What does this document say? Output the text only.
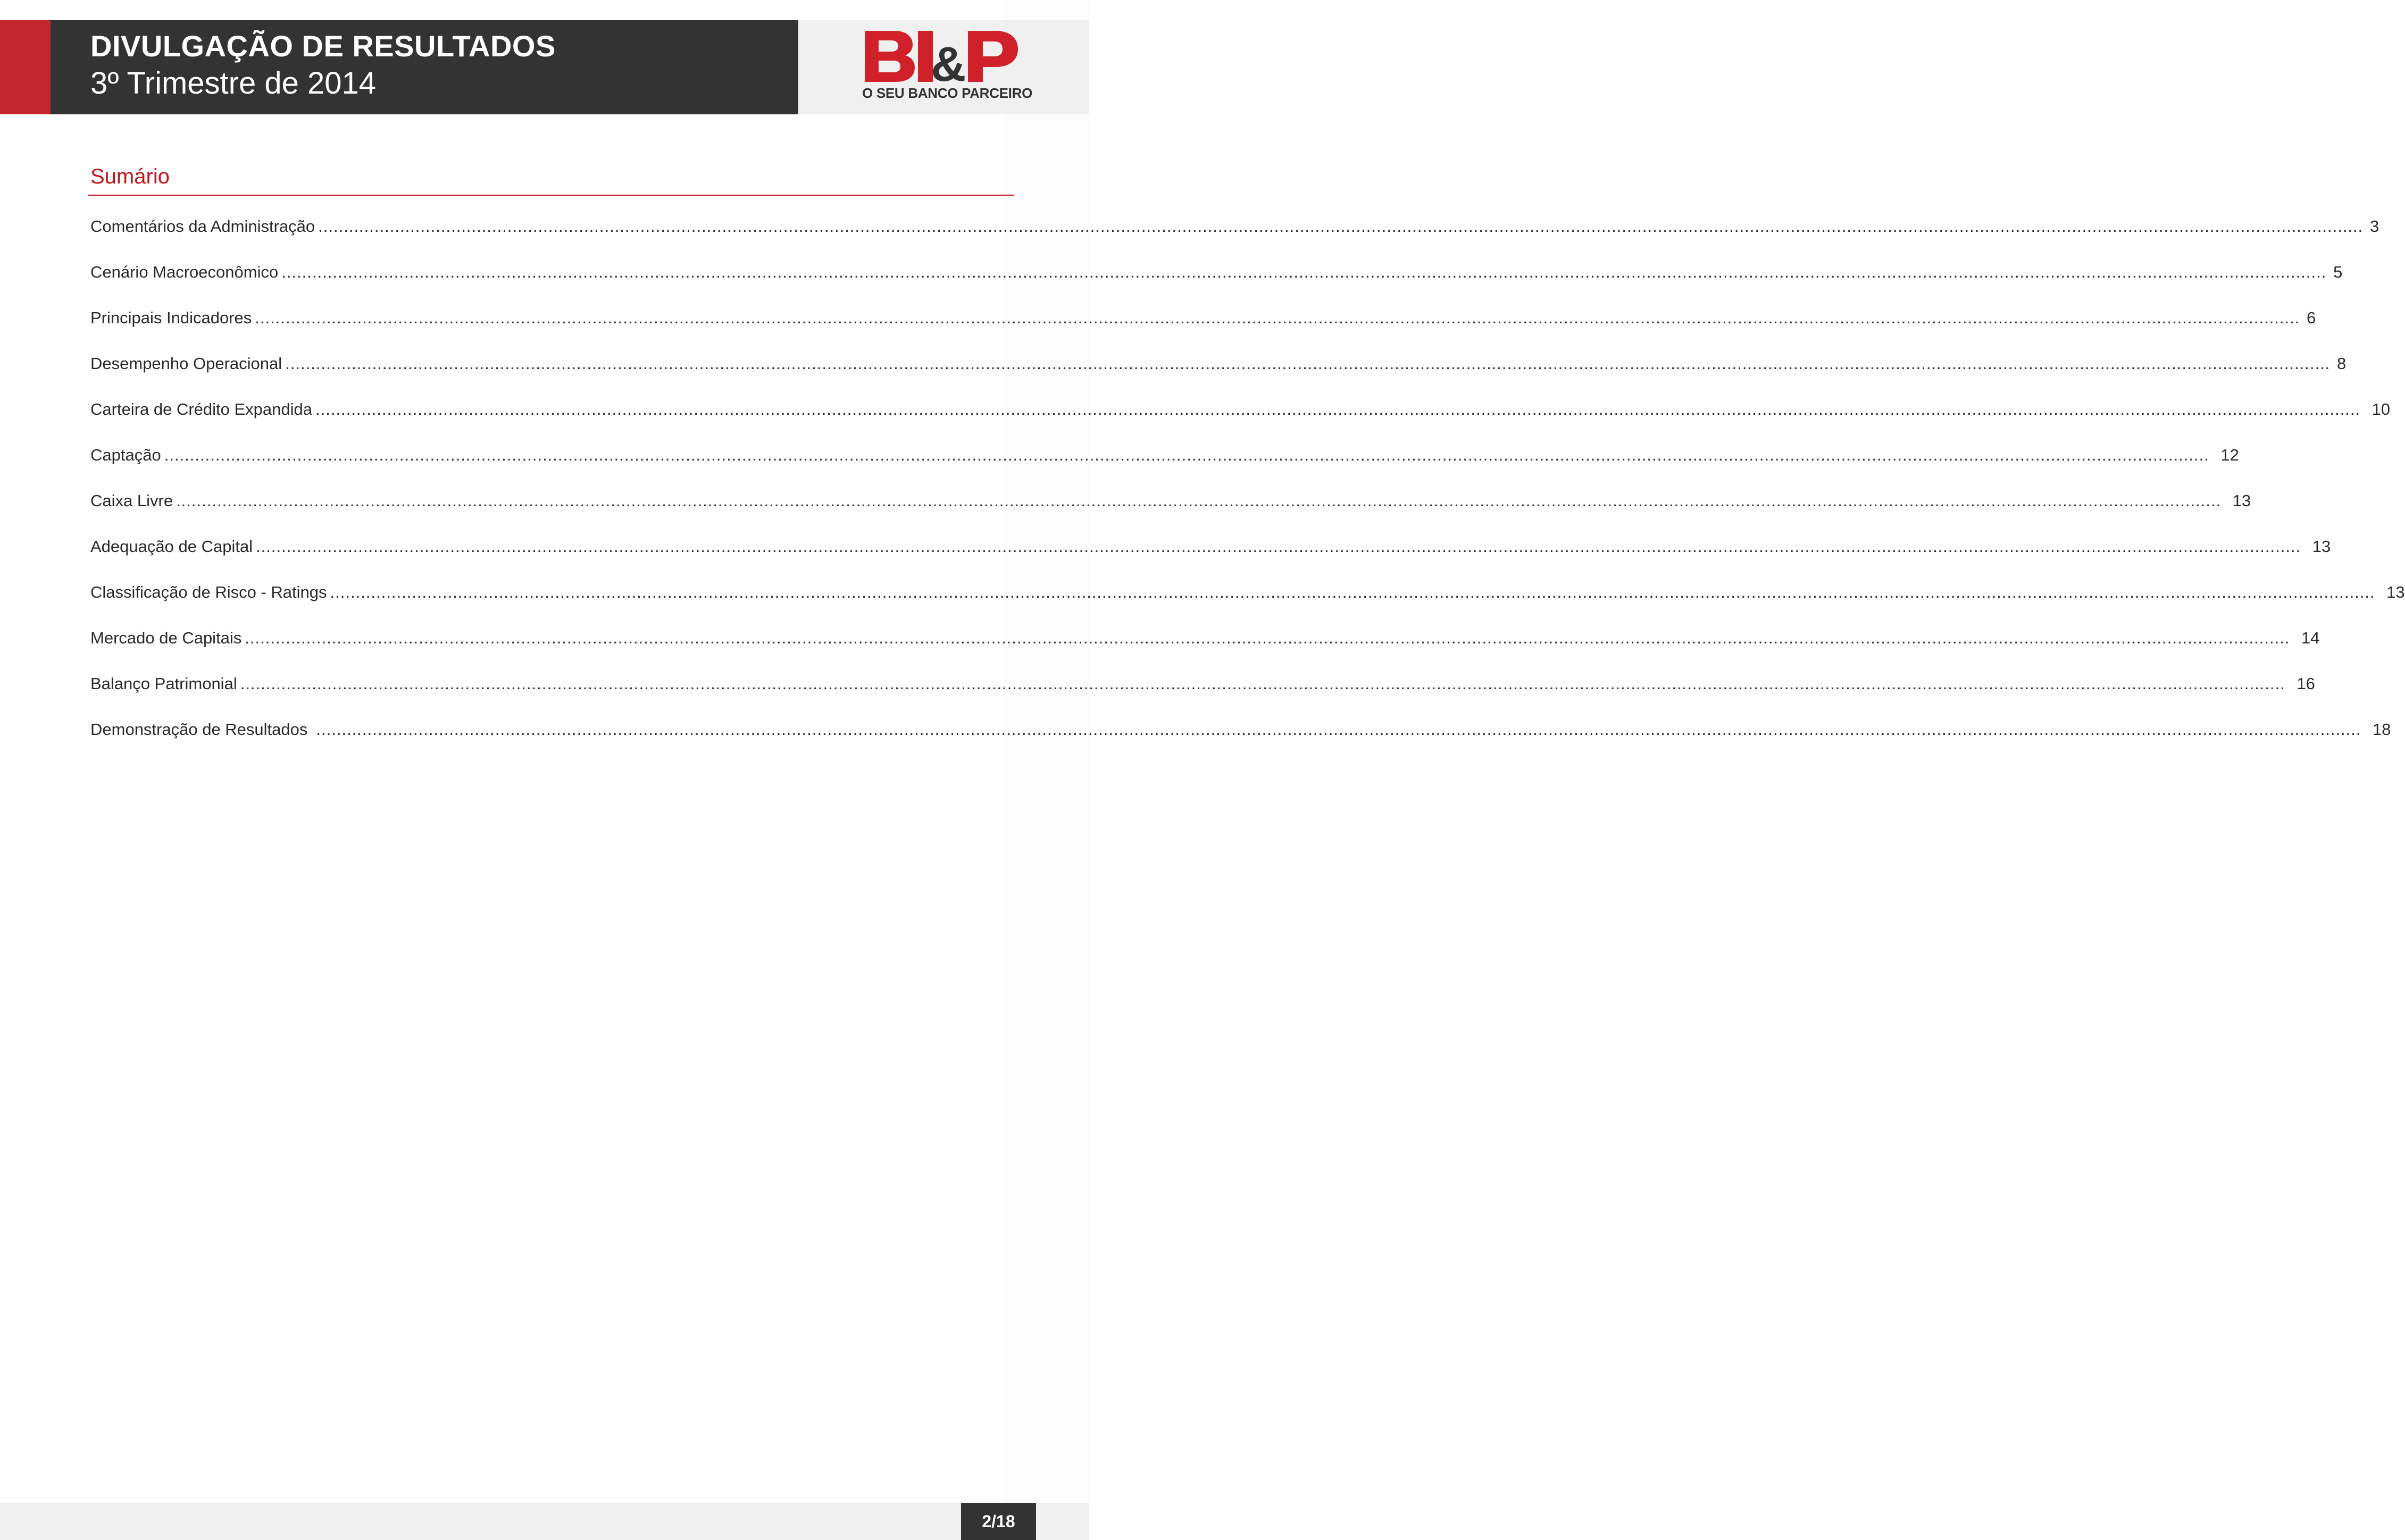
DIVULGAÇÃO DE RESULTADOS
3º Trimestre de 2014	&
O SEU BANCO PARCEIRO
Sumário
Comentários da Administração ................................................................................................................................................................................................................................................................................................................................................................................................................ 3
Cenário Macroeconômico ................................................................................................................................................................................................................................................................................................................................................................................................................ 5
Principais Indicadores ................................................................................................................................................................................................................................................................................................................................................................................................................ 6
Desempenho Operacional ................................................................................................................................................................................................................................................................................................................................................................................................................ 8
Carteira de Crédito Expandida ................................................................................................................................................................................................................................................................................................................................................................................................................ 10
Captação ................................................................................................................................................................................................................................................................................................................................................................................................................ 12
Caixa Livre ................................................................................................................................................................................................................................................................................................................................................................................................................ 13
Adequação de Capital ................................................................................................................................................................................................................................................................................................................................................................................................................ 13
Classificação de Risco - Ratings ................................................................................................................................................................................................................................................................................................................................................................................................................ 13
Mercado de Capitais ................................................................................................................................................................................................................................................................................................................................................................................................................ 14
Balanço Patrimonial ................................................................................................................................................................................................................................................................................................................................................................................................................ 16
Demonstração de Resultados ................................................................................................................................................................................................................................................................................................................................................................................................................ 18
2/18
